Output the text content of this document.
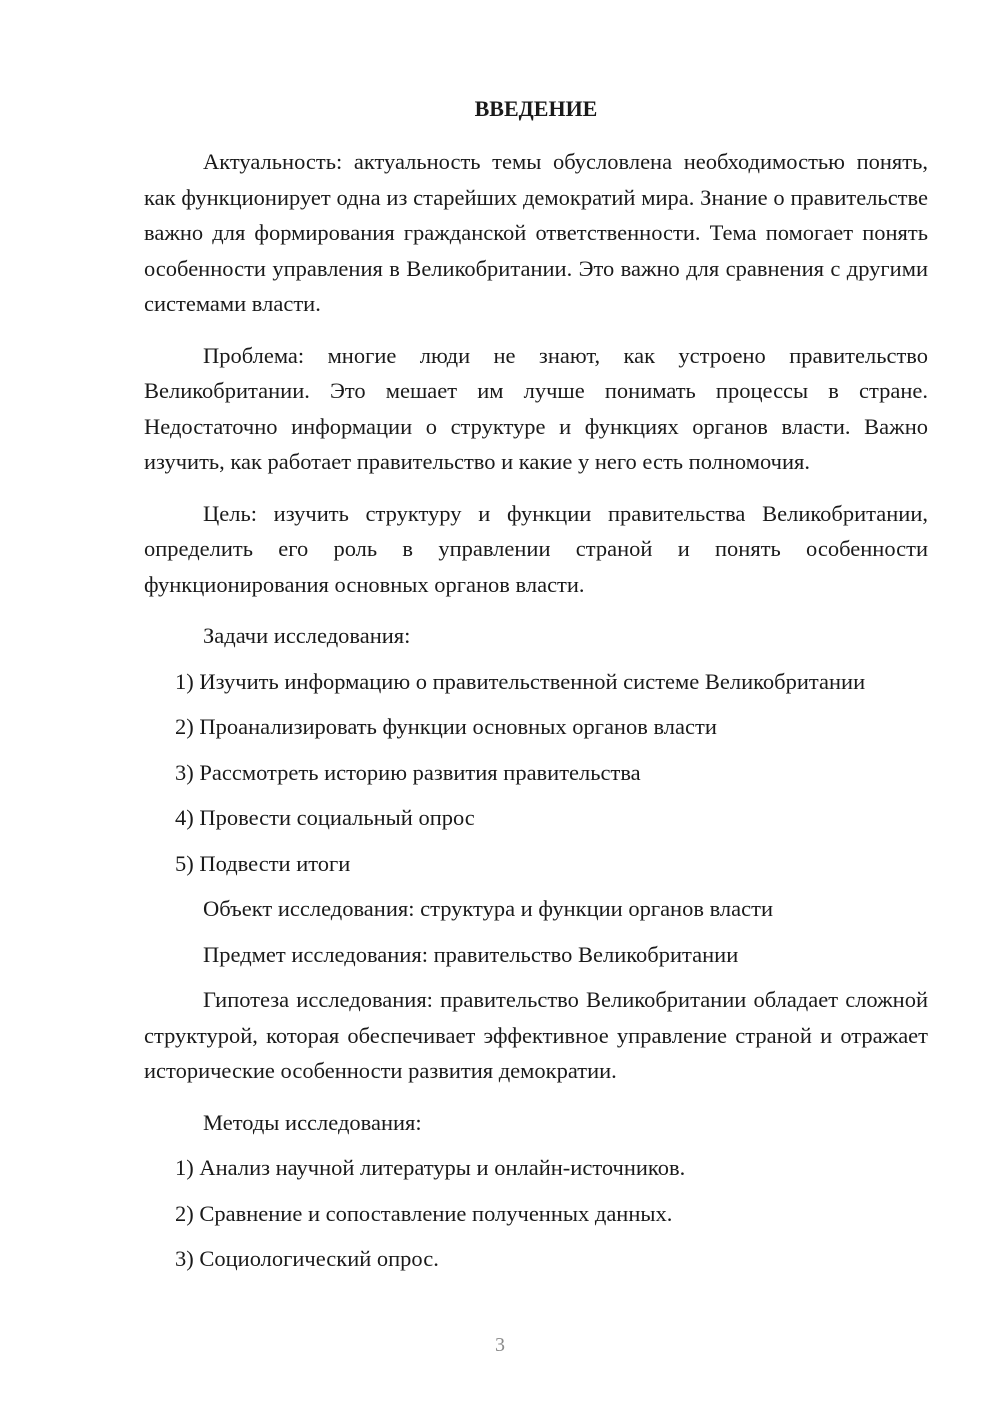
ВВЕДЕНИЕ

Актуальность: актуальность темы обусловлена необходимостью понять, как функционирует одна из старейших демократий мира. Знание о правительстве важно для формирования гражданской ответственности. Тема помогает понять особенности управления в Великобритании. Это важно для сравнения с другими системами власти.

Проблема: многие люди не знают, как устроено правительство Великобритании. Это мешает им лучше понимать процессы в стране. Недостаточно информации о структуре и функциях органов власти. Важно изучить, как работает правительство и какие у него есть полномочия.

Цель: изучить структуру и функции правительства Великобритании, определить его роль в управлении страной и понять особенности функционирования основных органов власти.

Задачи исследования:

1) Изучить информацию о правительственной системе Великобритании

2) Проанализировать функции основных органов власти

3) Рассмотреть историю развития правительства

4) Провести социальный опрос

5) Подвести итоги

Объект исследования: структура и функции органов власти

Предмет исследования: правительство Великобритании

Гипотеза исследования: правительство Великобритании обладает сложной структурой, которая обеспечивает эффективное управление страной и отражает исторические особенности развития демократии.

Методы исследования:

1) Анализ научной литературы и онлайн-источников.

2) Сравнение и сопоставление полученных данных.

3) Социологический опрос.

3
